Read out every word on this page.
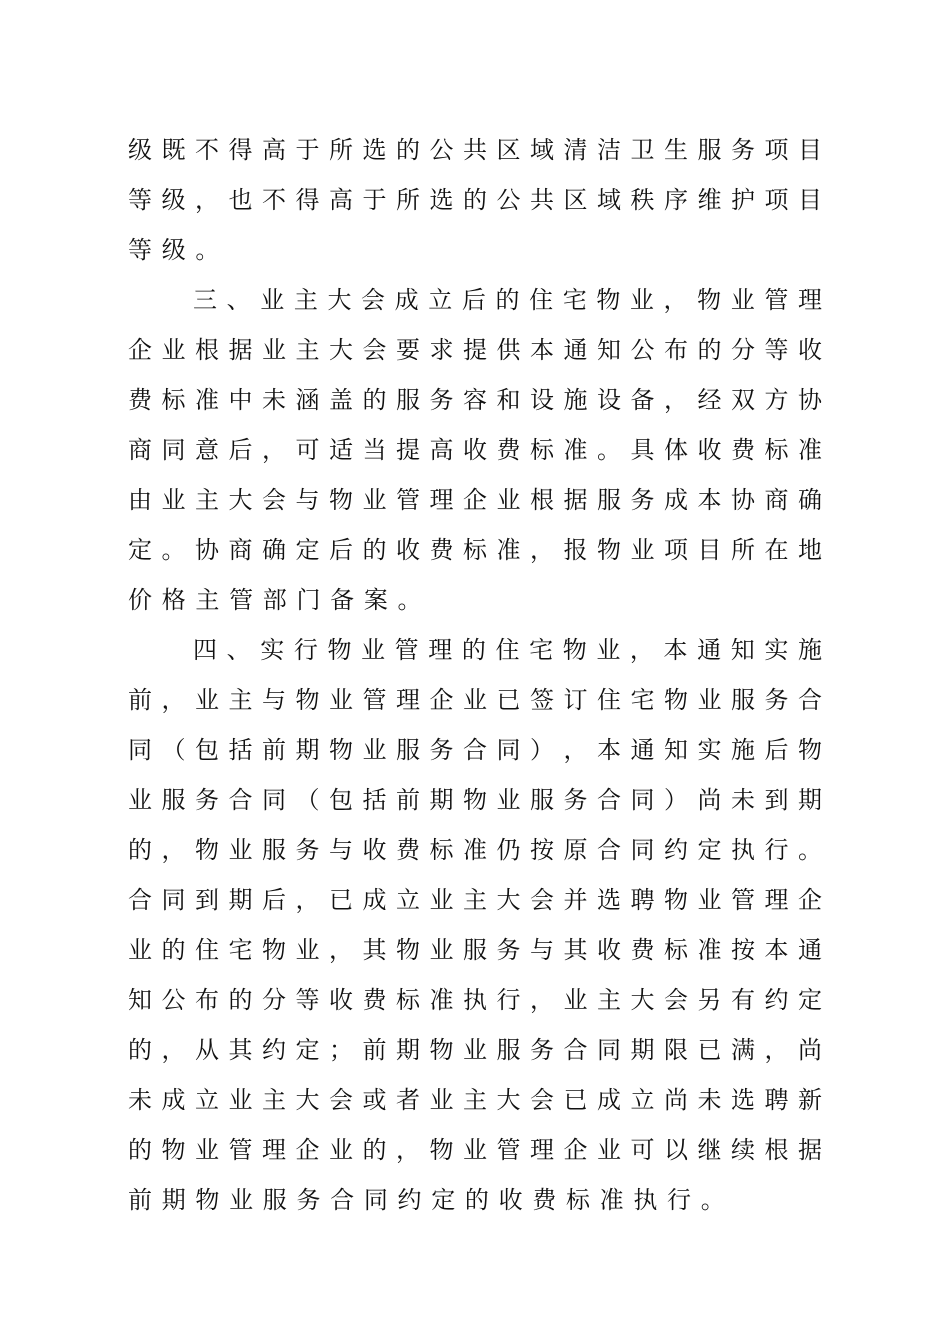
级 既 不 得 高 于 所 选 的 公 共 区 域 清 洁 卫 生 服 务 项 目
等 级 ， 也 不 得 高 于 所 选 的 公 共 区 域 秩 序 维 护 项 目
等 级 。
三 、 业 主 大 会 成 立 后 的 住 宅 物 业 ， 物 业 管 理
企 业 根 据 业 主 大 会 要 求 提 供 本 通 知 公 布 的 分 等 收
费 标 准 中 未 涵 盖 的 服 务 容 和 设 施 设 备 ， 经 双 方 协
商 同 意 后 ， 可 适 当 提 高 收 费 标 准 。 具 体 收 费 标 准
由 业 主 大 会 与 物 业 管 理 企 业 根 据 服 务 成 本 协 商 确
定 。 协 商 确 定 后 的 收 费 标 准 ， 报 物 业 项 目 所 在 地
价 格 主 管 部 门 备 案 。
四 、 实 行 物 业 管 理 的 住 宅 物 业 ， 本 通 知 实 施
前 ， 业 主 与 物 业 管 理 企 业 已 签 订 住 宅 物 业 服 务 合
同 （ 包 括 前 期 物 业 服 务 合 同 ） ， 本 通 知 实 施 后 物
业 服 务 合 同 （ 包 括 前 期 物 业 服 务 合 同 ） 尚 未 到 期
的 ， 物 业 服 务 与 收 费 标 准 仍 按 原 合 同 约 定 执 行 。
合 同 到 期 后 ， 已 成 立 业 主 大 会 并 选 聘 物 业 管 理 企
业 的 住 宅 物 业 ， 其 物 业 服 务 与 其 收 费 标 准 按 本 通
知 公 布 的 分 等 收 费 标 准 执 行 ， 业 主 大 会 另 有 约 定
的 ， 从 其 约 定 ； 前 期 物 业 服 务 合 同 期 限 已 满 ， 尚
未 成 立 业 主 大 会 或 者 业 主 大 会 已 成 立 尚 未 选 聘 新
的 物 业 管 理 企 业 的 ， 物 业 管 理 企 业 可 以 继 续 根 据
前 期 物 业 服 务 合 同 约 定 的 收 费 标 准 执 行 。
